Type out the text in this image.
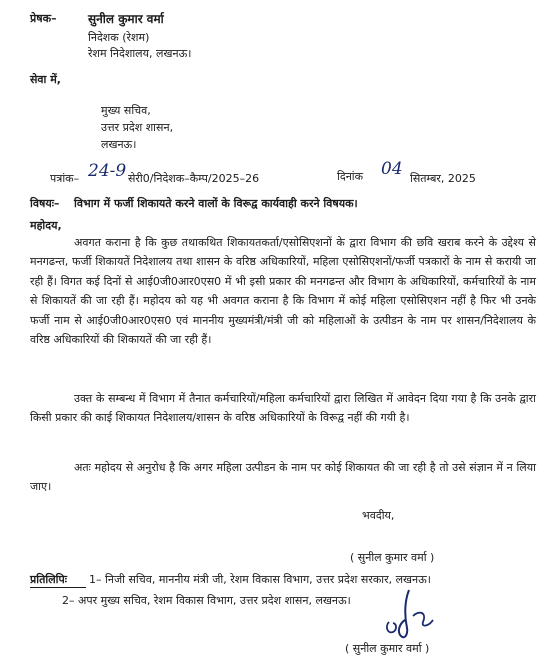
प्रेषक–	सुनील कुमार वर्मा
निदेशक (रेशम)
रेशम निदेशालय, लखनऊ।
सेवा में,
मुख्य सचिव,
उत्तर प्रदेश शासन,
लखनऊ।
पत्रांक– 24-9 सेरी0/निदेशक–कैम्प/2025–26	दिनांक 04 सितम्बर, 2025
विषयः– विभाग में फर्जी शिकायते करने वालों के विरूद्व कार्यवाही करने विषयक।
महोदय,
अवगत कराना है कि कुछ तथाकथित शिकायतकर्ता/एसोसिएशनों के द्वारा विभाग की छवि खराब करने के उद्देश्य से मनगढन्त, फर्जी शिकायतें निदेशालय तथा शासन के वरिष्ठ अधिकारियों, महिला एसोसिएशनों/फर्जी पत्रकारों के नाम से करायी जा रही हैं। विगत कई दिनों से आई0जी0आर0एस0 में भी इसी प्रकार की मनगढन्त और विभाग के अधिकारियों, कर्मचारियों के नाम से शिकायतें की जा रही हैं। महोदय को यह भी अवगत कराना है कि विभाग में कोई महिला एसोसिएशन नहीं है फिर भी उनके फर्जी नाम से आई0जी0आर0एस0 एवं माननीय मुख्यमंत्री/मंत्री जी को महिलाओं के उत्पीडन के नाम पर शासन/निदेशालय के वरिष्ठ अधिकारियों की शिकायतें की जा रही हैं।
उक्त के सम्बन्ध में विभाग में तैनात कर्मचारियों/महिला कर्मचारियों द्वारा लिखित में आवेदन दिया गया है कि उनके द्वारा किसी प्रकार की काई शिकायत निदेशालय/शासन के वरिष्ठ अधिकारियों के विरूद्व नहीं की गयी है।
अतः महोदय से अनुरोध है कि अगर महिला उत्पीडन के नाम पर कोई शिकायत की जा रही है तो उसे संज्ञान में न लिया जाए।
भवदीय,
( सुनील कुमार वर्मा )
प्रतिलिपिः 1– निजी सचिव, माननीय मंत्री जी, रेशम विकास विभाग, उत्तर प्रदेश सरकार, लखनऊ।
2– अपर मुख्य सचिव, रेशम विकास विभाग, उत्तर प्रदेश शासन, लखनऊ।
( सुनील कुमार वर्मा )
